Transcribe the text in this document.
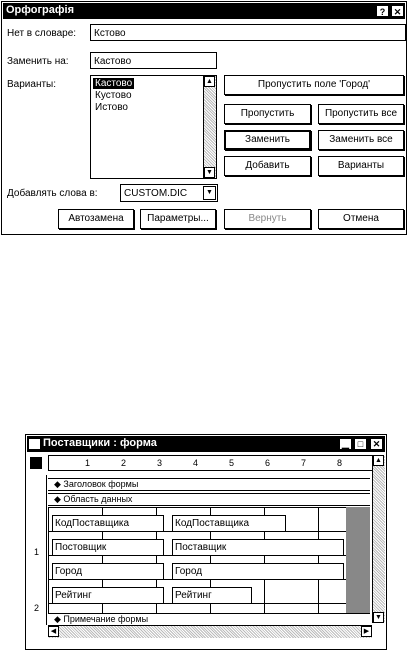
Орфографія	? ✕
Нет в словаре:	Кстово
Заменить на:	Кастово
Варианты:	Кастово
Кустово
Истово
▲
▼
Пропустить поле 'Город'
Пропустить	Пропустить все
Заменить	Заменить все
Добавить	Варианты
Добавлять слова в:	CUSTOM.DIC	▼
Автозамена	Параметры...	Вернуть	Отмена
Поставщики : форма	▁ □	✕
1	2	3	4	5	6	7	8
1
2
◆ Заголовок формы
◆ Область данных
КодПоставщика	КодПоставщика
Постовщик	Поставщик
Город	Город
Рейтинг	Рейтинг
◆ Примечание формы
▲
▼
◀	▶
